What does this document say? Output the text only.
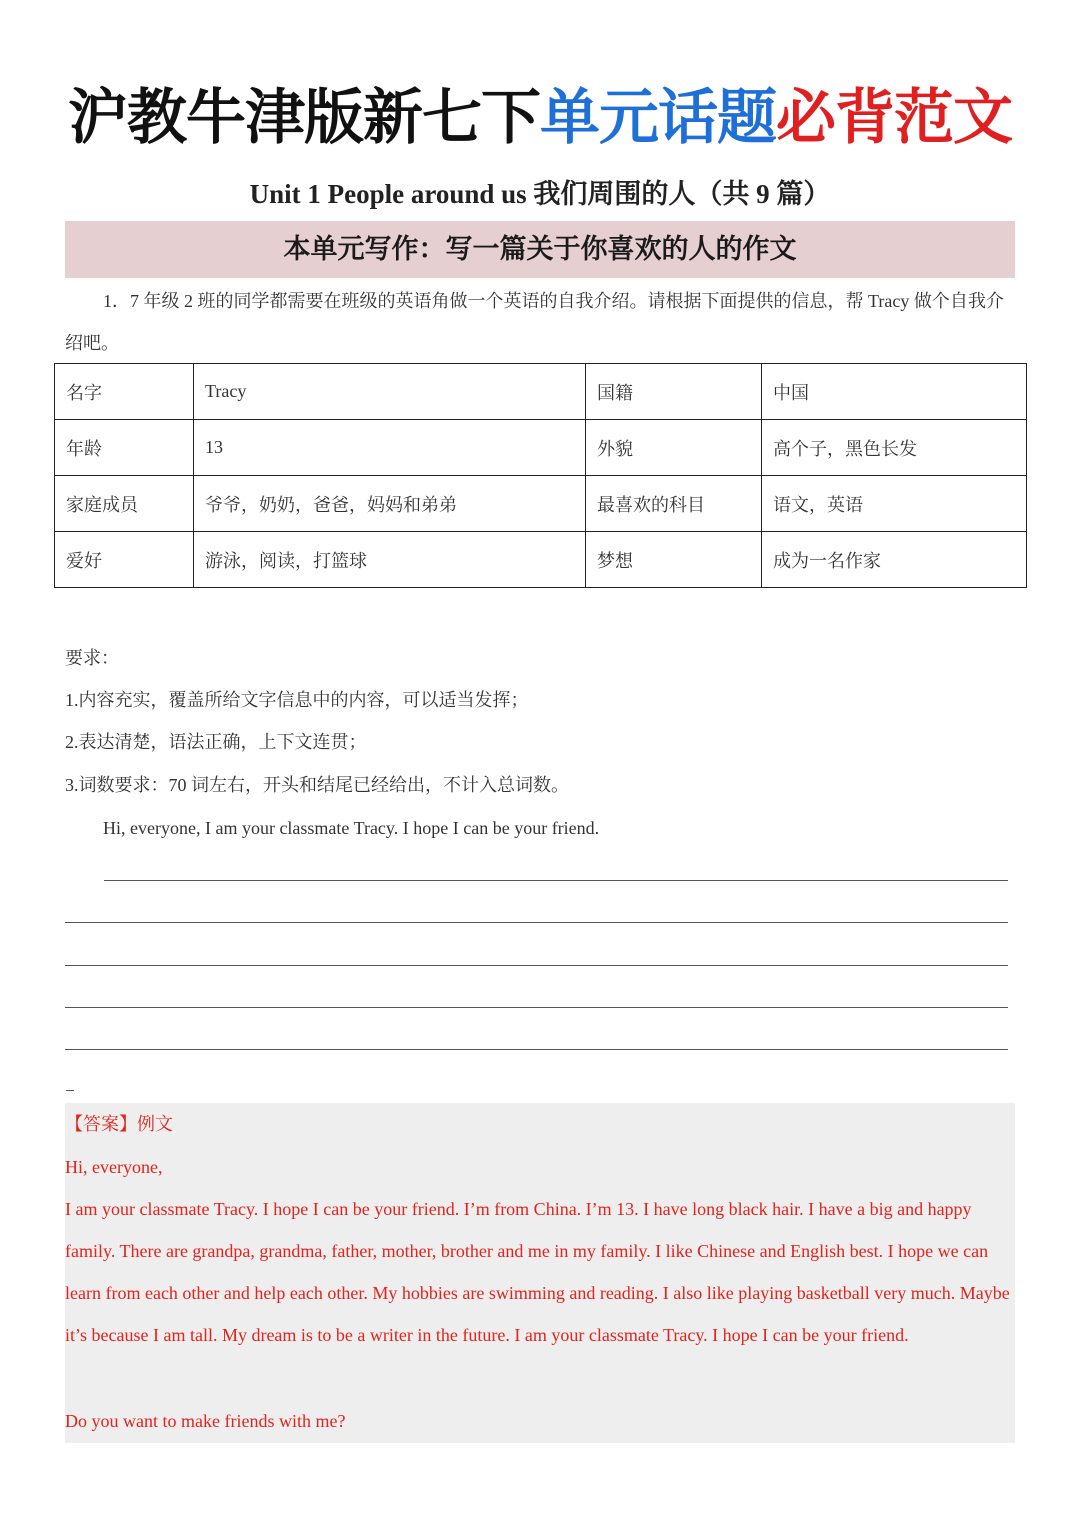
沪教牛津版新七下单元话题必背范文
Unit 1 People around us 我们周围的人（共 9 篇）
本单元写作：写一篇关于你喜欢的人的作文
1．7 年级 2 班的同学都需要在班级的英语角做一个英语的自我介绍。请根据下面提供的信息，帮 Tracy 做个自我介绍吧。
名字	Tracy	国籍	中国
年龄	13	外貌	高个子，黑色长发
家庭成员	爷爷，奶奶，爸爸，妈妈和弟弟	最喜欢的科目	语文，英语
爱好	游泳，阅读，打篮球	梦想	成为一名作家
要求：
1.内容充实，覆盖所给文字信息中的内容，可以适当发挥；
2.表达清楚，语法正确，上下文连贯；
3.词数要求：70 词左右，开头和结尾已经给出，不计入总词数。
Hi, everyone, I am your classmate Tracy. I hope I can be your friend.
【答案】例文
Hi, everyone,
I am your classmate Tracy. I hope I can be your friend. I’m from China. I’m 13. I have long black hair. I have a big and happy family. There are grandpa, grandma, father, mother, brother and me in my family. I like Chinese and English best. I hope we can learn from each other and help each other. My hobbies are swimming and reading. I also like playing basketball very much. Maybe it’s because I am tall. My dream is to be a writer in the future. I am your classmate Tracy. I hope I can be your friend.
Do you want to make friends with me?
